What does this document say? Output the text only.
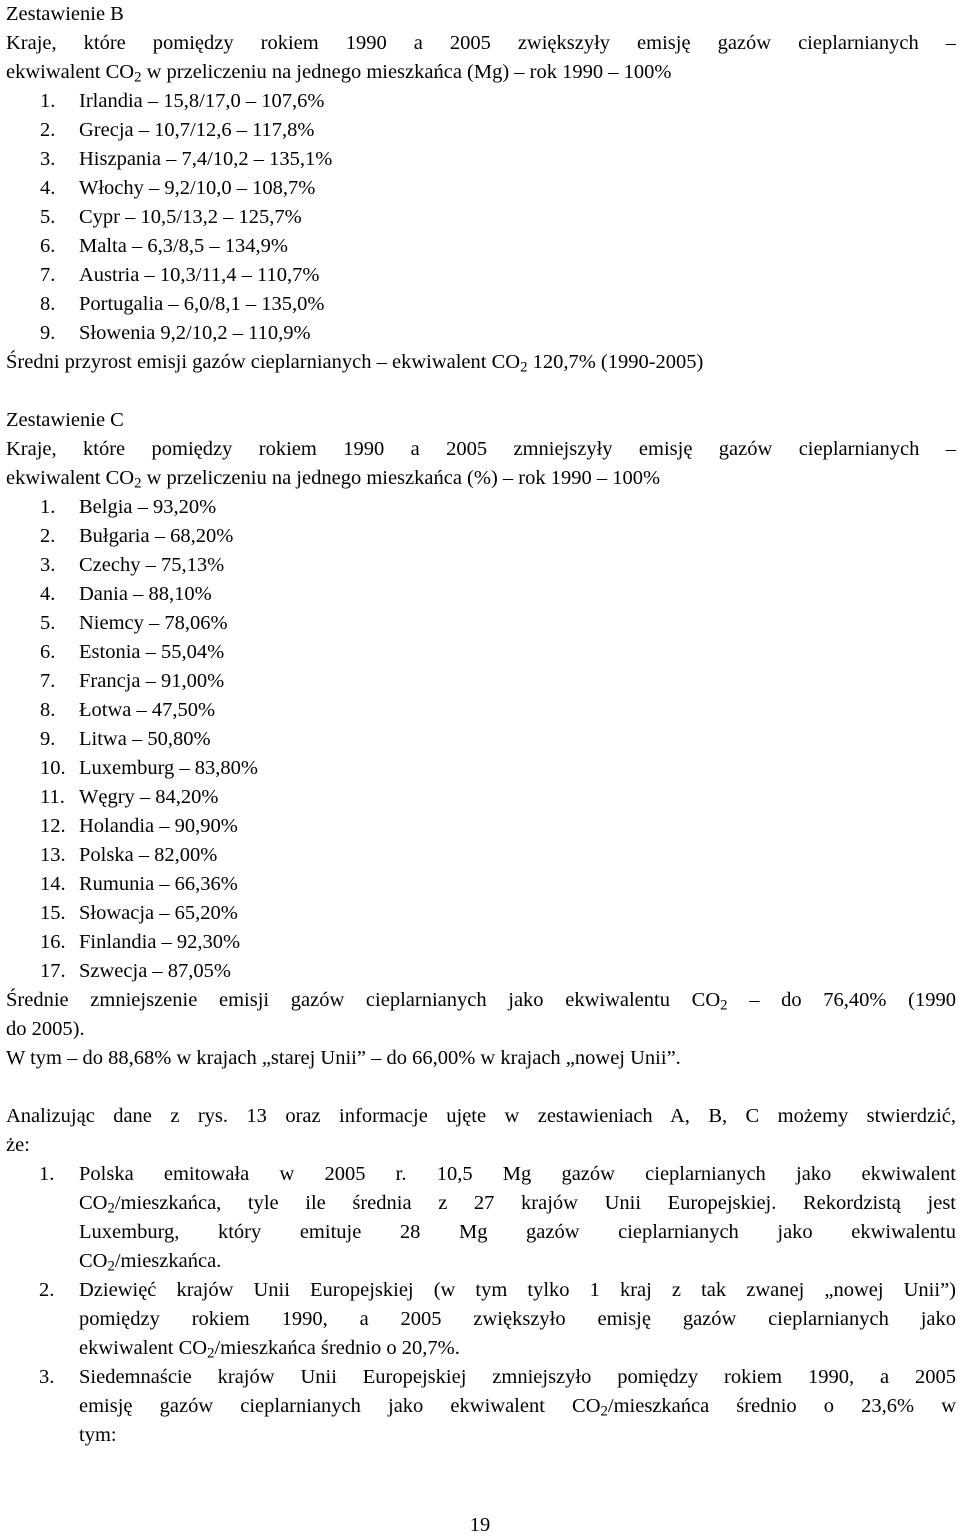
Zestawienie B
Kraje, które pomiędzy rokiem 1990 a 2005 zwiększyły emisję gazów cieplarnianych –
ekwiwalent $CO_2$ w przeliczeniu na jednego mieszkańca (Mg) – rok 1990 – 100%
1. Irlandia – 15,8/17,0 – 107,6%
2. Grecja – 10,7/12,6 – 117,8%
3. Hiszpania – 7,4/10,2 – 135,1%
4. Włochy – 9,2/10,0 – 108,7%
5. Cypr – 10,5/13,2 – 125,7%
6. Malta – 6,3/8,5 – 134,9%
7. Austria – 10,3/11,4 – 110,7%
8. Portugalia – 6,0/8,1 – 135,0%
9. Słowenia 9,2/10,2 – 110,9%
Średni przyrost emisji gazów cieplarnianych – ekwiwalent $CO_2$ 120,7% (1990-2005)
Zestawienie C
Kraje, które pomiędzy rokiem 1990 a 2005 zmniejszyły emisję gazów cieplarnianych –
ekwiwalent $CO_2$ w przeliczeniu na jednego mieszkańca (%) – rok 1990 – 100%
1. Belgia – 93,20%
2. Bułgaria – 68,20%
3. Czechy – 75,13%
4. Dania – 88,10%
5. Niemcy – 78,06%
6. Estonia – 55,04%
7. Francja – 91,00%
8. Łotwa – 47,50%
9. Litwa – 50,80%
10. Luxemburg – 83,80%
11. Węgry – 84,20%
12. Holandia – 90,90%
13. Polska – 82,00%
14. Rumunia – 66,36%
15. Słowacja – 65,20%
16. Finlandia – 92,30%
17. Szwecja – 87,05%
Średnie zmniejszenie emisji gazów cieplarnianych jako ekwiwalentu $CO_2$ – do 76,40% (1990
do 2005).
W tym – do 88,68% w krajach „starej Unii” – do 66,00% w krajach „nowej Unii”.
Analizując dane z rys. 13 oraz informacje ujęte w zestawieniach A, B, C możemy stwierdzić,
że:
1. Polska emitowała w 2005 r. 10,5 Mg gazów cieplarnianych jako ekwiwalent
$CO_2$/mieszkańca, tyle ile średnia z 27 krajów Unii Europejskiej. Rekordzistą jest
Luxemburg, który emituje 28 Mg gazów cieplarnianych jako ekwiwalentu
$CO_2$/mieszkańca.
2. Dziewięć krajów Unii Europejskiej (w tym tylko 1 kraj z tak zwanej „nowej Unii”)
pomiędzy rokiem 1990, a 2005 zwiększyło emisję gazów cieplarnianych jako
ekwiwalent $CO_2$/mieszkańca średnio o 20,7%.
3. Siedemnaście krajów Unii Europejskiej zmniejszyło pomiędzy rokiem 1990, a 2005
emisję gazów cieplarnianych jako ekwiwalent $CO_2$/mieszkańca średnio o 23,6% w
tym:
19
